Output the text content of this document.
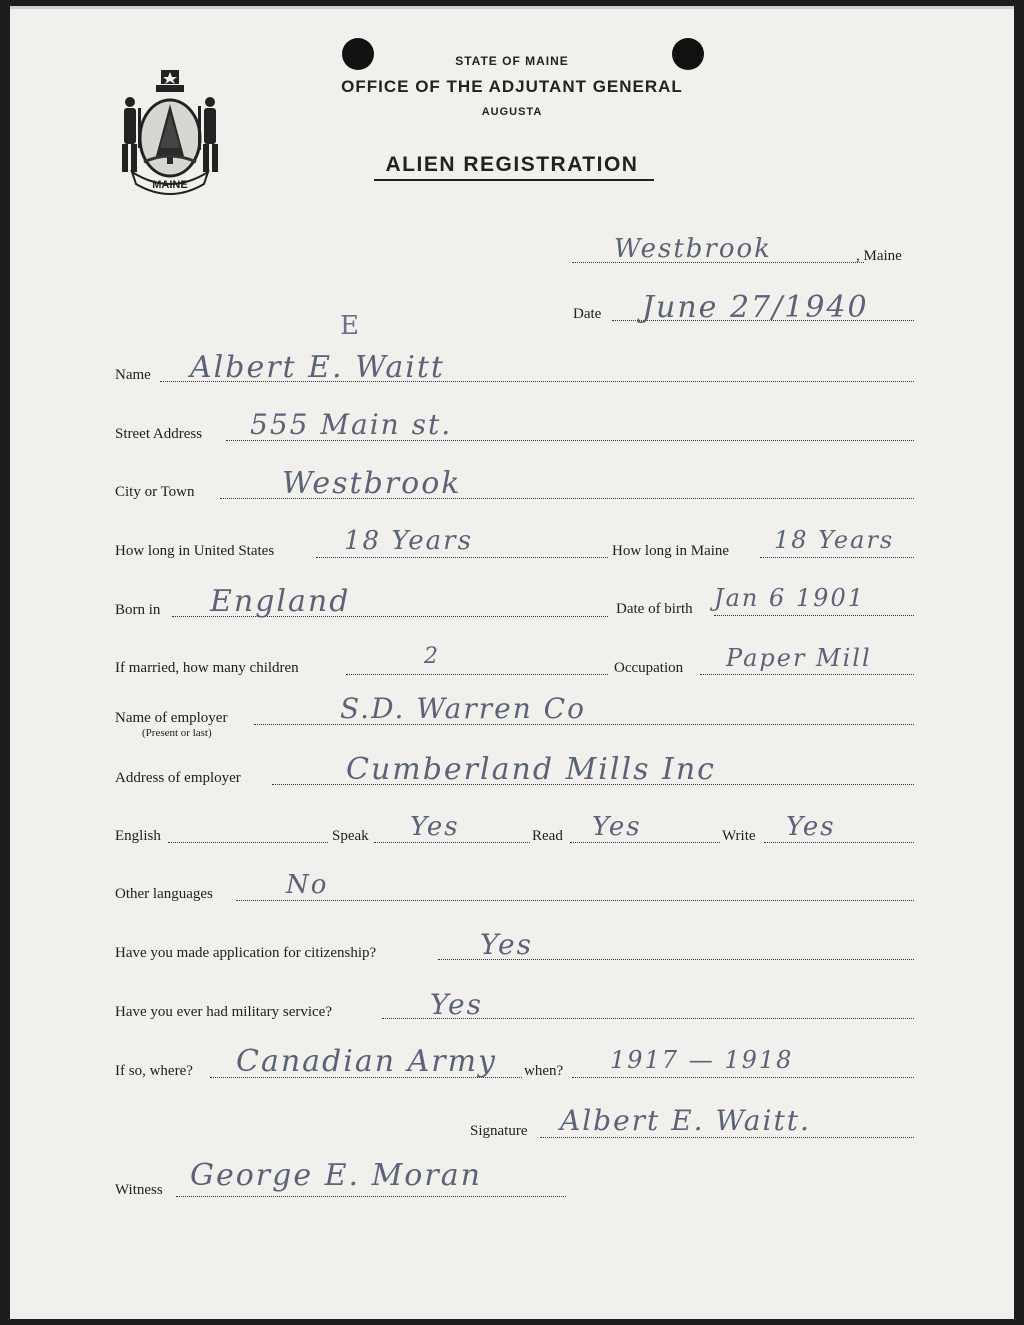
MAINE
STATE OF MAINE
OFFICE OF THE ADJUTANT GENERAL
AUGUSTA
ALIEN REGISTRATION
Westbrook	, Maine
Date June 27/1940
E
Name Albert E. Waitt
Street Address 555 Main st.
City or Town	Westbrook
How long in United States	18 Years	How long in Maine 18 Years
Born in England	Date of birth Jan 6 1901
If married, how many children	2	Occupation Paper Mill
Name of employer
(Present or last)
S.D. Warren Co
Address of employer	Cumberland Mills Inc
English	Speak Yes	Read Yes	Write Yes
Other languages	No
Have you made application for citizenship?	Yes
Have you ever had military service?	Yes
If so, where? Canadian Army when? 1917 — 1918
Signature Albert E. Waitt.
Witness George E. Moran
